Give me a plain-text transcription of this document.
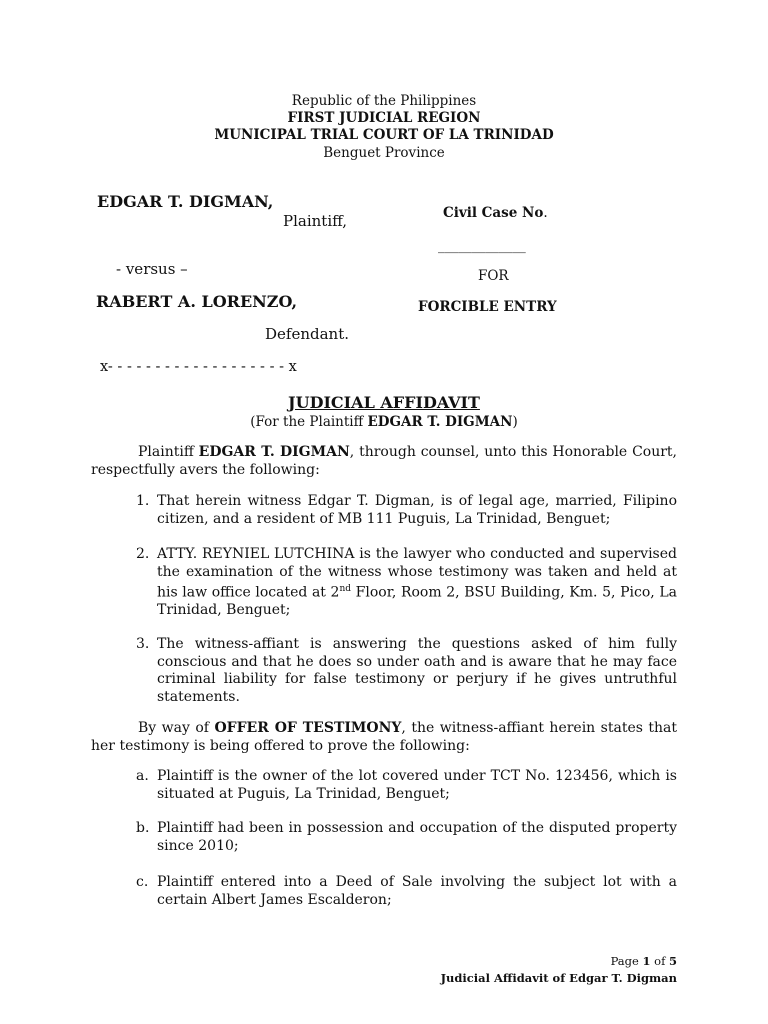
Republic of the Philippines
FIRST JUDICIAL REGION
MUNICIPAL TRIAL COURT OF LA TRINIDAD
Benguet Province
EDGAR T. DIGMAN,
Plaintiff,	Civil Case No.
_____________
- versus –	FOR
RABERT A. LORENZO,	FORCIBLE ENTRY
Defendant.
x- - - - - - - - - - - - - - - - - - - x
JUDICIAL AFFIDAVIT
(For the Plaintiff EDGAR T. DIGMAN)
Plaintiff EDGAR T. DIGMAN, through counsel, unto this Honorable Court, respectfully avers the following:
1. That herein witness Edgar T. Digman, is of legal age, married, Filipino citizen, and a resident of MB 111 Puguis, La Trinidad, Benguet;
2. ATTY. REYNIEL LUTCHINA is the lawyer who conducted and supervised the examination of the witness whose testimony was taken and held at his law office located at 2nd Floor, Room 2, BSU Building, Km. 5, Pico, La Trinidad, Benguet;
3. The witness-affiant is answering the questions asked of him fully conscious and that he does so under oath and is aware that he may face criminal liability for false testimony or perjury if he gives untruthful statements.
By way of OFFER OF TESTIMONY, the witness-affiant herein states that her testimony is being offered to prove the following:
a. Plaintiff is the owner of the lot covered under TCT No. 123456, which is situated at Puguis, La Trinidad, Benguet;
b. Plaintiff had been in possession and occupation of the disputed property since 2010;
c. Plaintiff entered into a Deed of Sale involving the subject lot with a certain Albert James Escalderon;
Page 1 of 5
Judicial Affidavit of Edgar T. Digman
